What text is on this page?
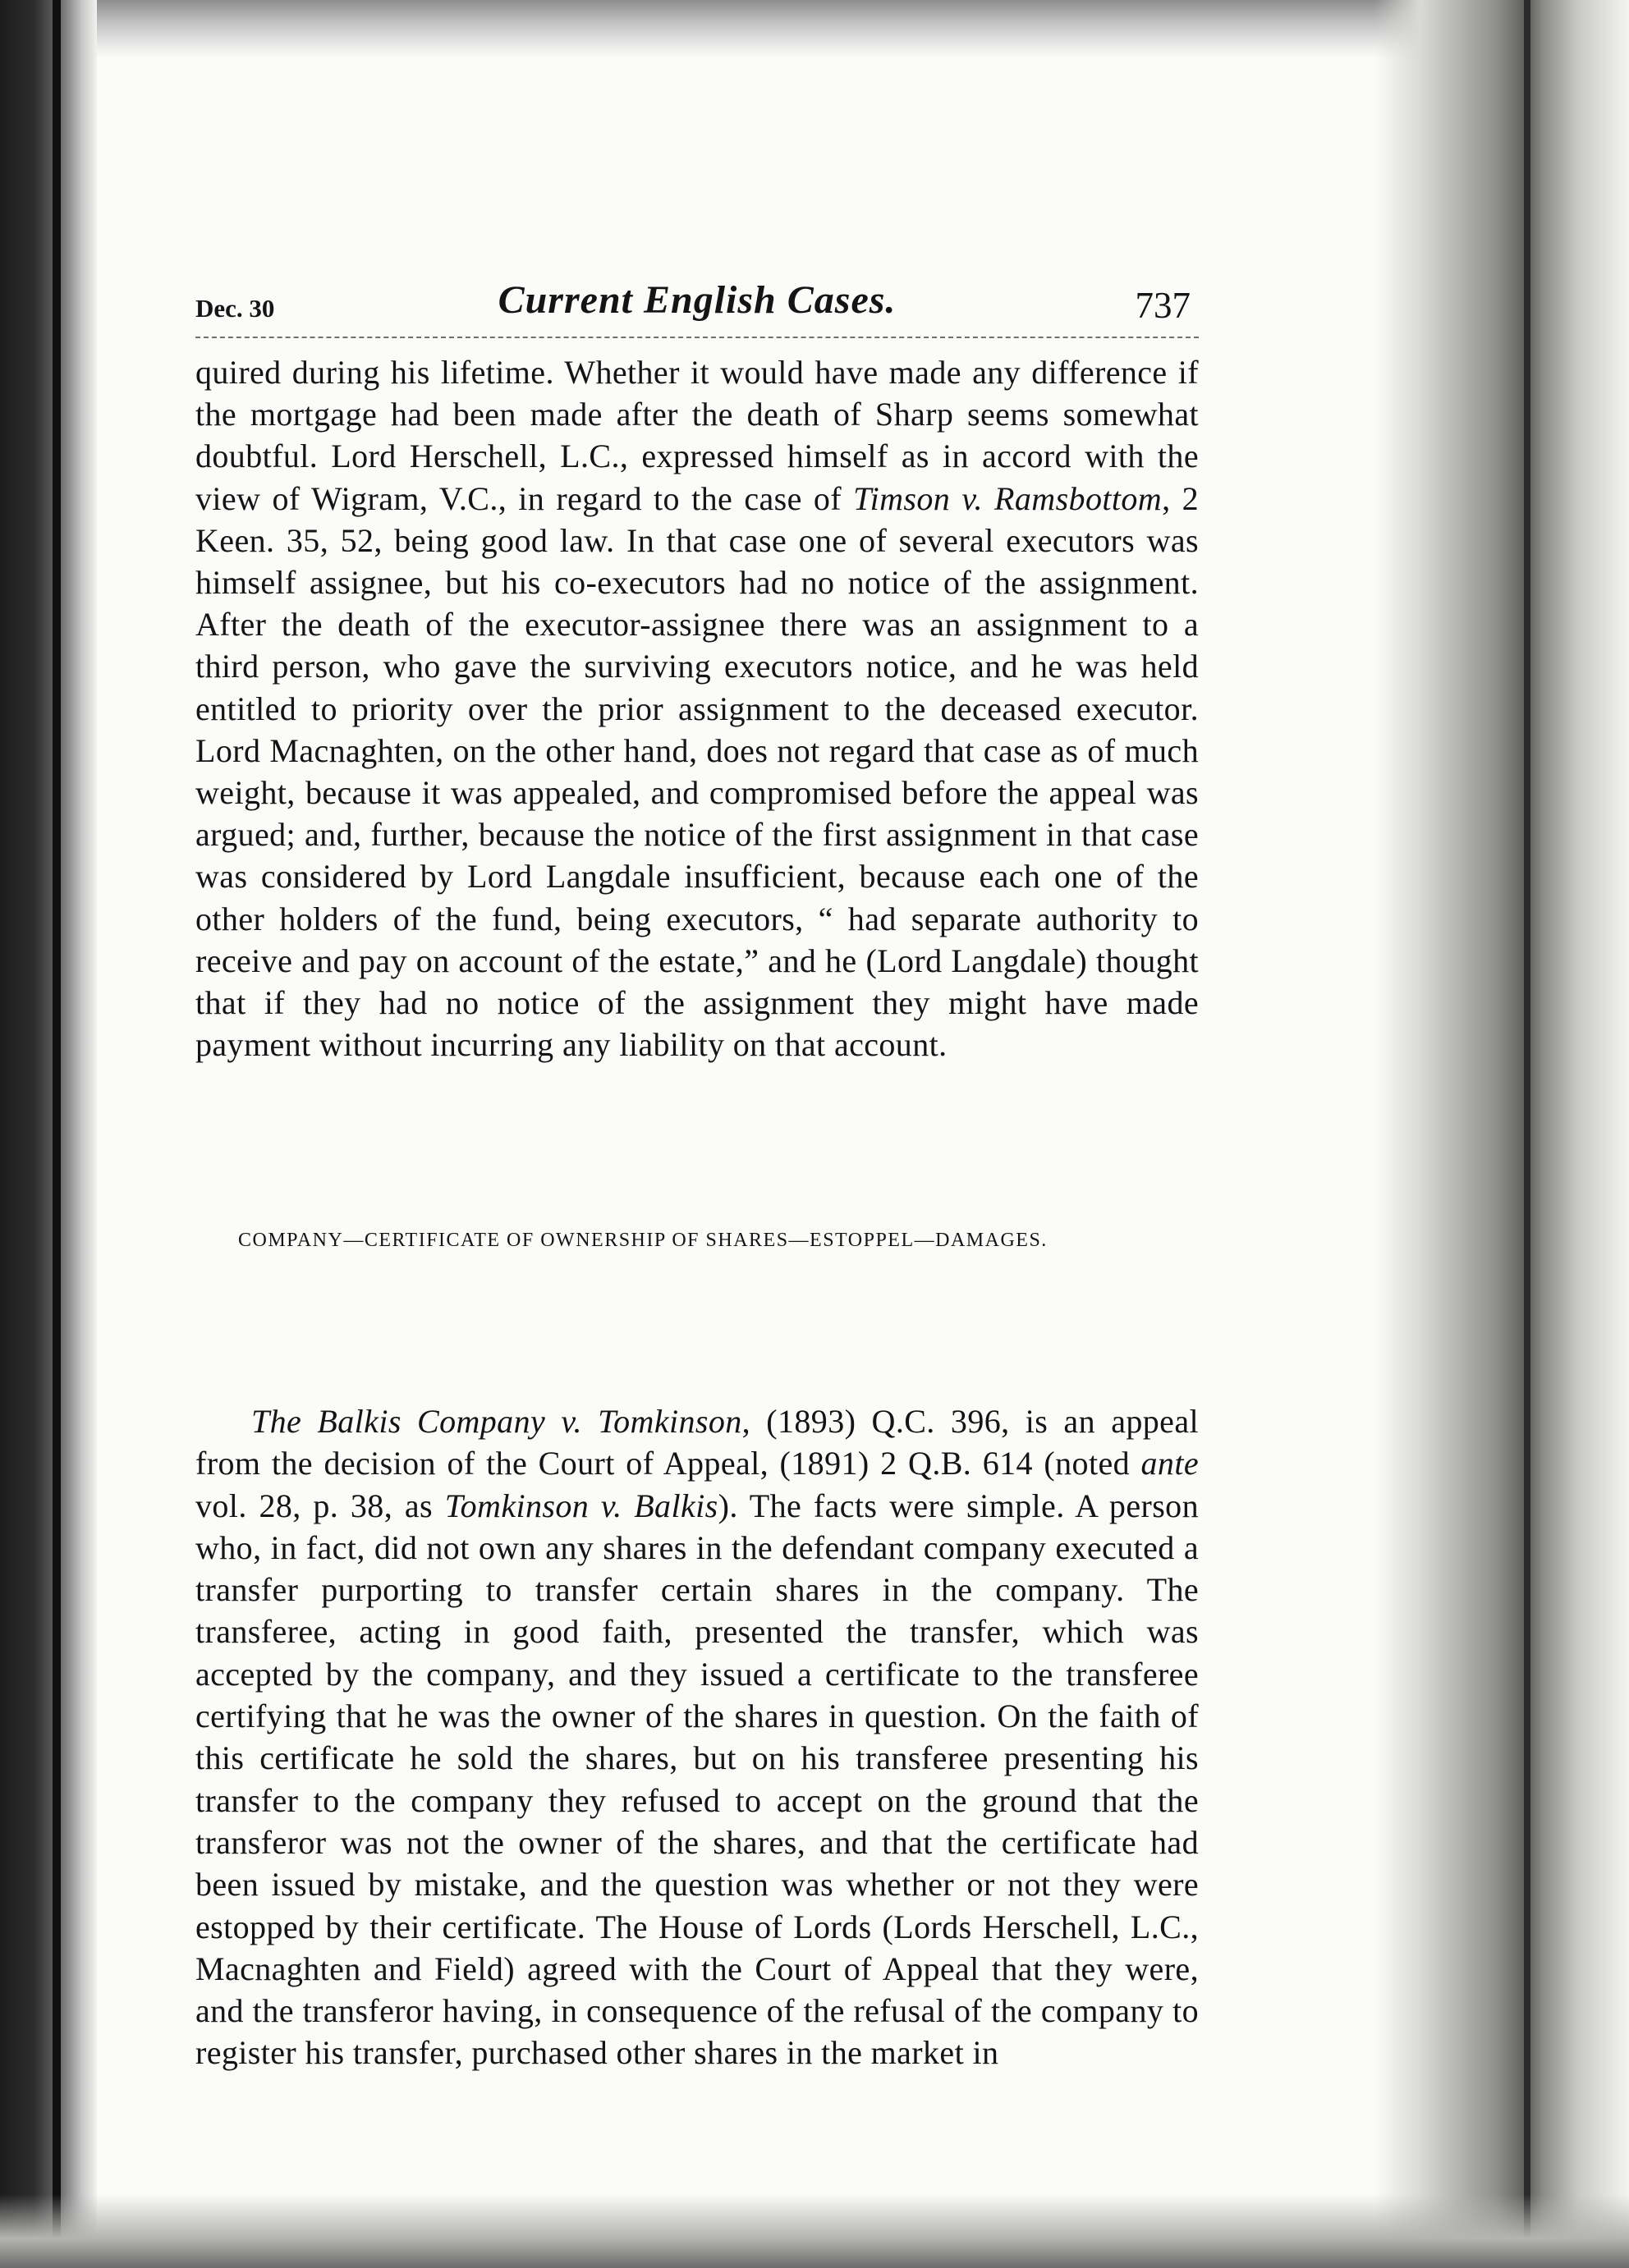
Dec. 30	Current English Cases.	737
quired during his lifetime. Whether it would have made any difference if the mortgage had been made after the death of Sharp seems somewhat doubtful. Lord Herschell, L.C., expressed himself as in accord with the view of Wigram, V.C., in regard to the case of Timson v. Ramsbottom, 2 Keen. 35, 52, being good law. In that case one of several executors was himself assignee, but his co-executors had no notice of the assignment. After the death of the executor-assignee there was an assignment to a third person, who gave the surviving executors notice, and he was held entitled to priority over the prior assignment to the deceased executor. Lord Macnaghten, on the other hand, does not regard that case as of much weight, because it was appealed, and compromised before the appeal was argued; and, further, because the notice of the first assignment in that case was considered by Lord Langdale insufficient, because each one of the other holders of the fund, being executors, “ had separate authority to receive and pay on account of the estate,” and he (Lord Langdale) thought that if they had no notice of the assignment they might have made payment without incurring any liability on that account.
COMPANY—CERTIFICATE OF OWNERSHIP OF SHARES—ESTOPPEL—DAMAGES.
The Balkis Company v. Tomkinson, (1893) Q.C. 396, is an appeal from the decision of the Court of Appeal, (1891) 2 Q.B. 614 (noted ante vol. 28, p. 38, as Tomkinson v. Balkis). The facts were simple. A person who, in fact, did not own any shares in the defendant company executed a transfer purporting to transfer certain shares in the company. The transferee, acting in good faith, presented the transfer, which was accepted by the company, and they issued a certificate to the transferee certifying that he was the owner of the shares in question. On the faith of this certificate he sold the shares, but on his transferee presenting his transfer to the company they refused to accept on the ground that the transferor was not the owner of the shares, and that the certificate had been issued by mistake, and the question was whether or not they were estopped by their certificate. The House of Lords (Lords Herschell, L.C., Macnaghten and Field) agreed with the Court of Appeal that they were, and the transferor having, in consequence of the refusal of the company to register his transfer, purchased other shares in the market in
